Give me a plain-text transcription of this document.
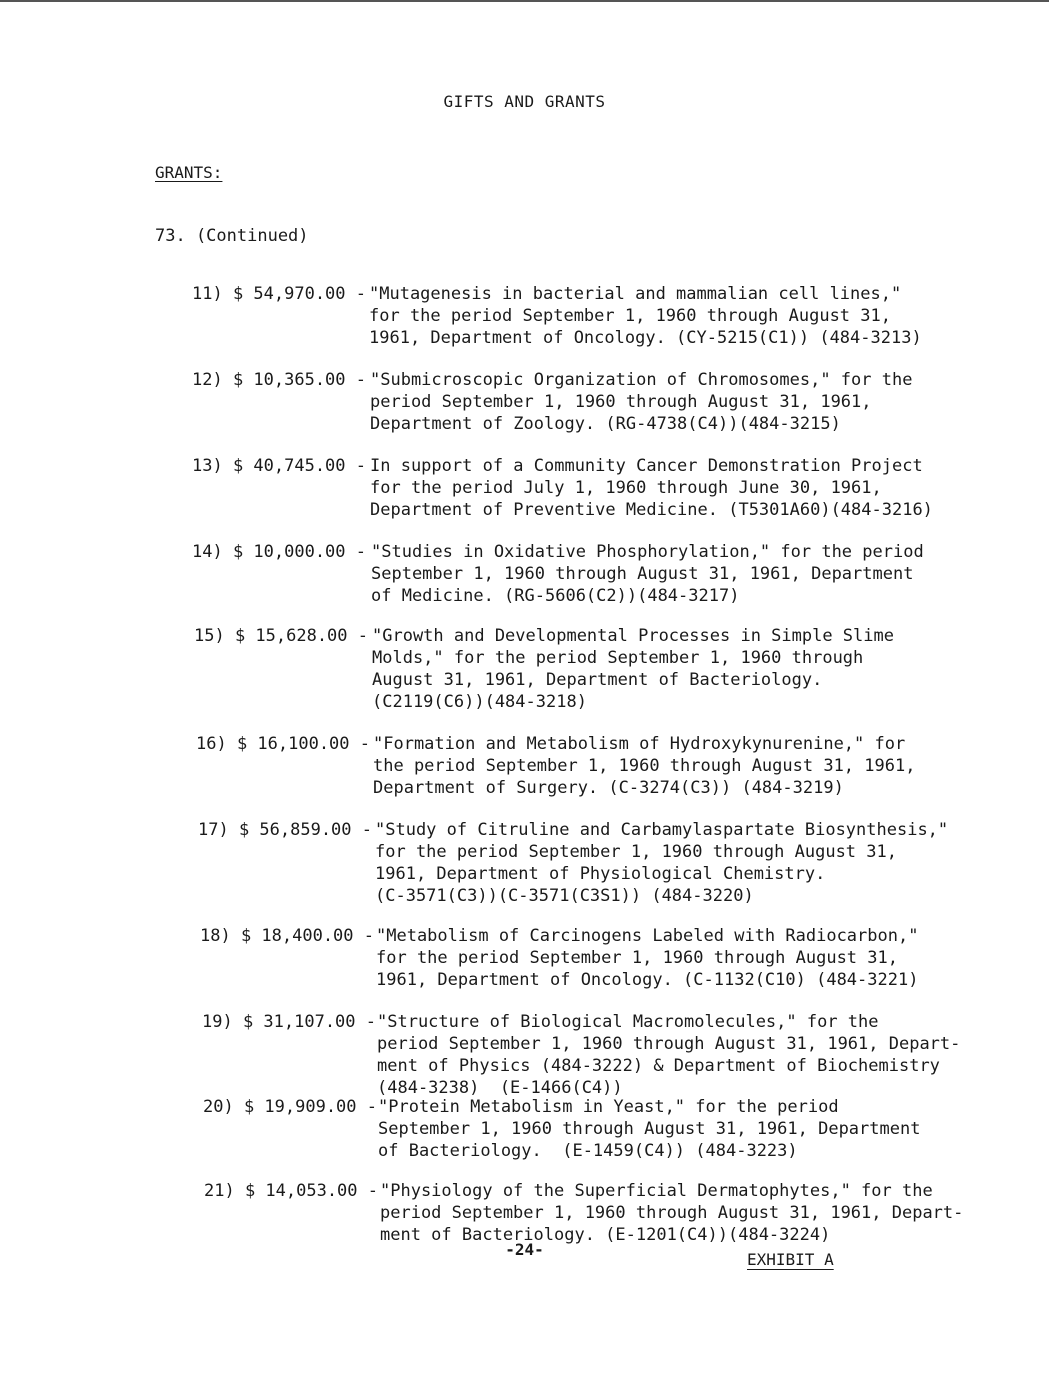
GIFTS AND GRANTS
GRANTS:
73. (Continued)
11) $ 54,970.00 - "Mutagenesis in bacterial and mammalian cell lines,"
for the period September 1, 1960 through August 31,
1961, Department of Oncology. (CY-5215(C1)) (484-3213)
12) $ 10,365.00 - "Submicroscopic Organization of Chromosomes," for the
period September 1, 1960 through August 31, 1961,
Department of Zoology. (RG-4738(C4))(484-3215)
13) $ 40,745.00 - In support of a Community Cancer Demonstration Project
for the period July 1, 1960 through June 30, 1961,
Department of Preventive Medicine. (T5301A60)(484-3216)
14) $ 10,000.00 - "Studies in Oxidative Phosphorylation," for the period
September 1, 1960 through August 31, 1961, Department
of Medicine. (RG-5606(C2))(484-3217)
15) $ 15,628.00 - "Growth and Developmental Processes in Simple Slime
Molds," for the period September 1, 1960 through
August 31, 1961, Department of Bacteriology.
(C2119(C6))(484-3218)
16) $ 16,100.00 - "Formation and Metabolism of Hydroxykynurenine," for
the period September 1, 1960 through August 31, 1961,
Department of Surgery. (C-3274(C3)) (484-3219)
17) $ 56,859.00 - "Study of Citruline and Carbamylaspartate Biosynthesis,"
for the period September 1, 1960 through August 31,
1961, Department of Physiological Chemistry.
(C-3571(C3))(C-3571(C3S1)) (484-3220)
18) $ 18,400.00 - "Metabolism of Carcinogens Labeled with Radiocarbon,"
for the period September 1, 1960 through August 31,
1961, Department of Oncology. (C-1132(C10) (484-3221)
19) $ 31,107.00 - "Structure of Biological Macromolecules," for the
period September 1, 1960 through August 31, 1961, Depart-
ment of Physics (484-3222) & Department of Biochemistry
(484-3238)  (E-1466(C4))
20) $ 19,909.00 - "Protein Metabolism in Yeast," for the period
September 1, 1960 through August 31, 1961, Department
of Bacteriology.  (E-1459(C4)) (484-3223)
21) $ 14,053.00 - "Physiology of the Superficial Dermatophytes," for the
period September 1, 1960 through August 31, 1961, Depart-
ment of Bacteriology. (E-1201(C4))(484-3224)
-24-
EXHIBIT A
